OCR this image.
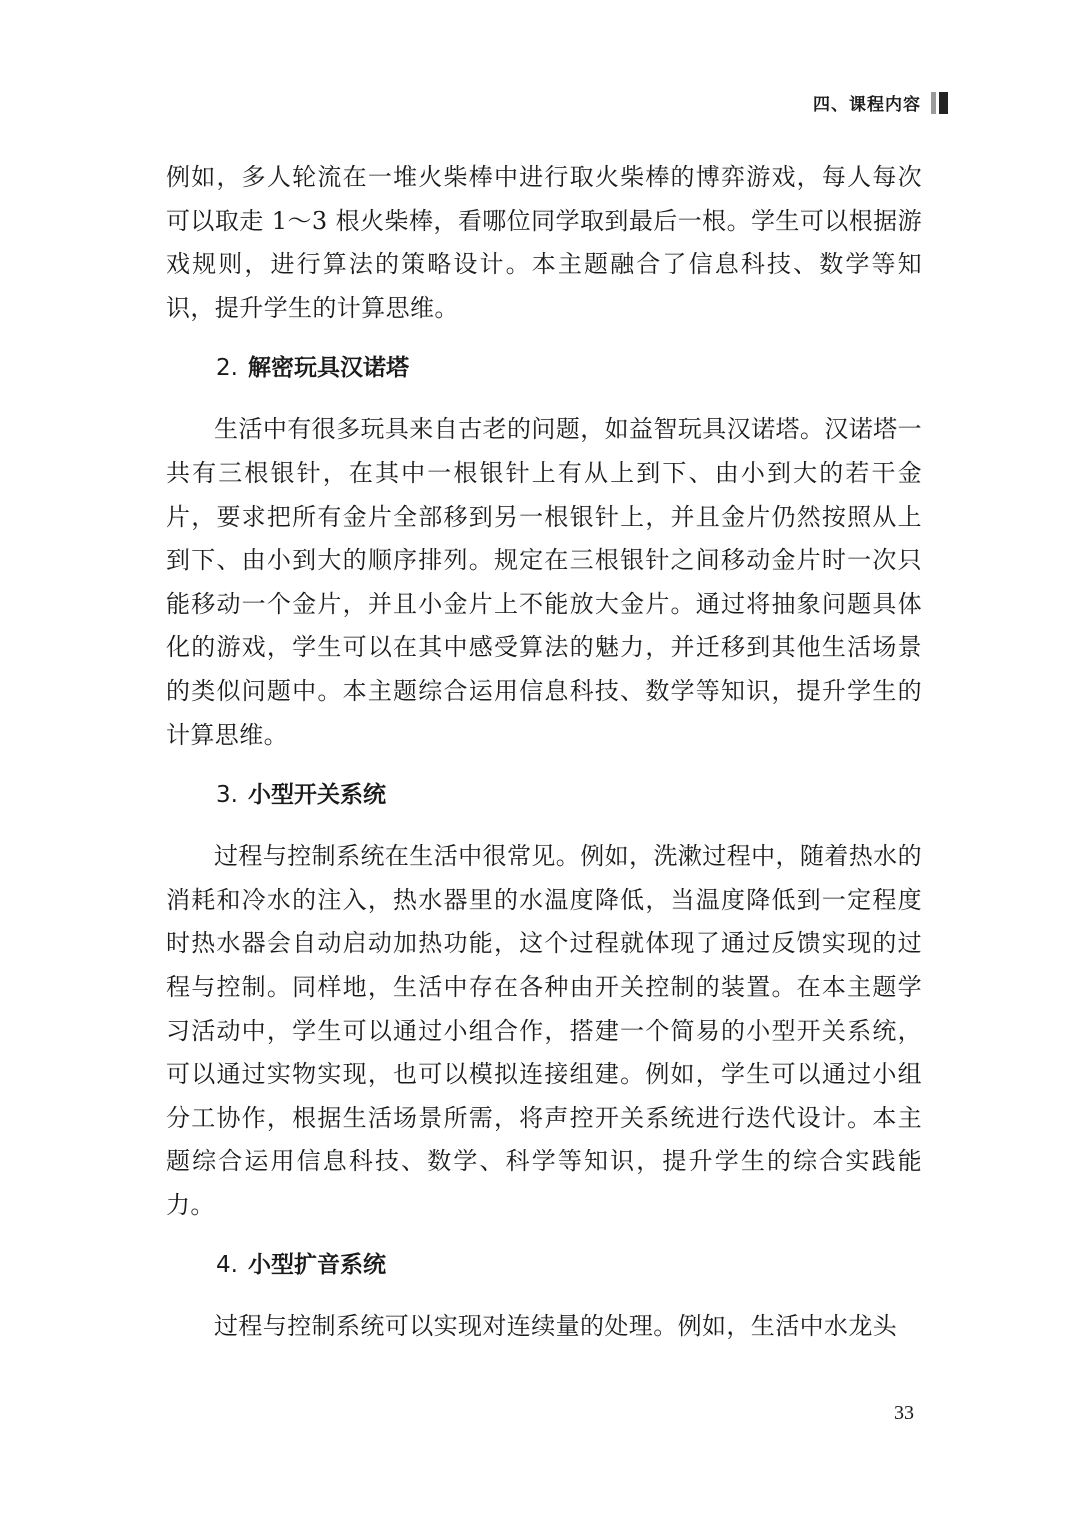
四、课程内容

例如，多人轮流在一堆火柴棒中进行取火柴棒的博弈游戏，每人每次可以取走 1～3 根火柴棒，看哪位同学取到最后一根。学生可以根据游戏规则，进行算法的策略设计。本主题融合了信息科技、数学等知识，提升学生的计算思维。

2. 解密玩具汉诺塔

生活中有很多玩具来自古老的问题，如益智玩具汉诺塔。汉诺塔一共有三根银针，在其中一根银针上有从上到下、由小到大的若干金片，要求把所有金片全部移到另一根银针上，并且金片仍然按照从上到下、由小到大的顺序排列。规定在三根银针之间移动金片时一次只能移动一个金片，并且小金片上不能放大金片。通过将抽象问题具体化的游戏，学生可以在其中感受算法的魅力，并迁移到其他生活场景的类似问题中。本主题综合运用信息科技、数学等知识，提升学生的计算思维。

3. 小型开关系统

过程与控制系统在生活中很常见。例如，洗漱过程中，随着热水的消耗和冷水的注入，热水器里的水温度降低，当温度降低到一定程度时热水器会自动启动加热功能，这个过程就体现了通过反馈实现的过程与控制。同样地，生活中存在各种由开关控制的装置。在本主题学习活动中，学生可以通过小组合作，搭建一个简易的小型开关系统，可以通过实物实现，也可以模拟连接组建。例如，学生可以通过小组分工协作，根据生活场景所需，将声控开关系统进行迭代设计。本主题综合运用信息科技、数学、科学等知识，提升学生的综合实践能力。

4. 小型扩音系统

过程与控制系统可以实现对连续量的处理。例如，生活中水龙头

33
